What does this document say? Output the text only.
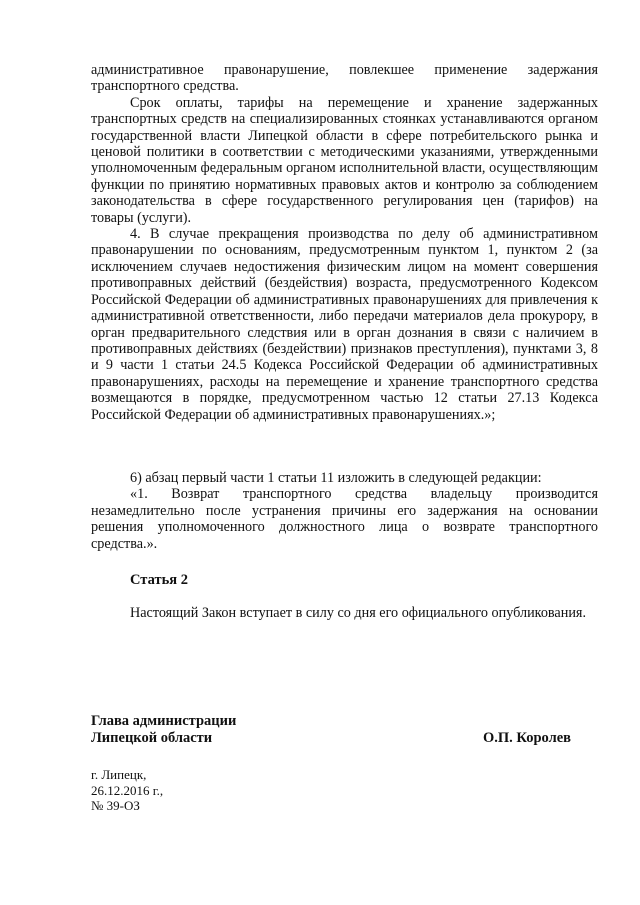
административное правонарушение, повлекшее применение задержания транспортного средства.

Срок оплаты, тарифы на перемещение и хранение задержанных транспортных средств на специализированных стоянках устанавливаются органом государственной власти Липецкой области в сфере потребительского рынка и ценовой политики в соответствии с методическими указаниями, утвержденными уполномоченным федеральным органом исполнительной власти, осуществляющим функции по принятию нормативных правовых актов и контролю за соблюдением законодательства в сфере государственного регулирования цен (тарифов) на товары (услуги).

4. В случае прекращения производства по делу об административном правонарушении по основаниям, предусмотренным пунктом 1, пунктом 2 (за исключением случаев недостижения физическим лицом на момент совершения противоправных действий (бездействия) возраста, предусмотренного Кодексом Российской Федерации об административных правонарушениях для привлечения к административной ответственности, либо передачи материалов дела прокурору, в орган предварительного следствия или в орган дознания в связи с наличием в противоправных действиях (бездействии) признаков преступления), пунктами 3, 8 и 9 части 1 статьи 24.5 Кодекса Российской Федерации об административных правонарушениях, расходы на перемещение и хранение транспортного средства возмещаются в порядке, предусмотренном частью 12 статьи 27.13 Кодекса Российской Федерации об административных правонарушениях.»;

6) абзац первый части 1 статьи 11 изложить в следующей редакции:

«1. Возврат транспортного средства владельцу производится незамедлительно после устранения причины его задержания на основании решения уполномоченного должностного лица о возврате транспортного средства.».

Статья 2

Настоящий Закон вступает в силу со дня его официального опубликования.

Глава администрации
Липецкой области	О.П. Королев
г. Липецк,
26.12.2016 г.,
№ 39-ОЗ
